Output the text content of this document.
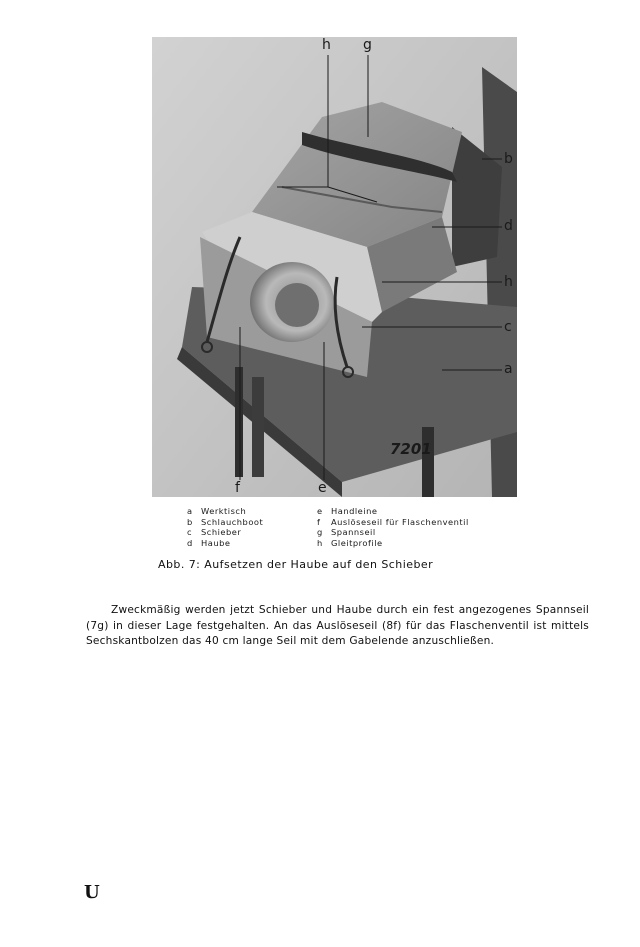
h g
b
d
h
c
a
f	e
7201
a Werktisch
b Schlauchboot
c Schieber
d Haube
e Handleine
f Auslöseseil für Flaschenventil
g Spannseil
h Gleitprofile
Abb. 7: Aufsetzen der Haube auf den Schieber

Zweckmäßig werden jetzt Schieber und Haube durch ein fest angezogenes Spannseil (7g) in dieser Lage festgehalten. An das Auslöseseil (8f) für das Flaschenventil ist mittels Sechskantbolzen das 40 cm lange Seil mit dem Gabelende anzuschließen.

U
